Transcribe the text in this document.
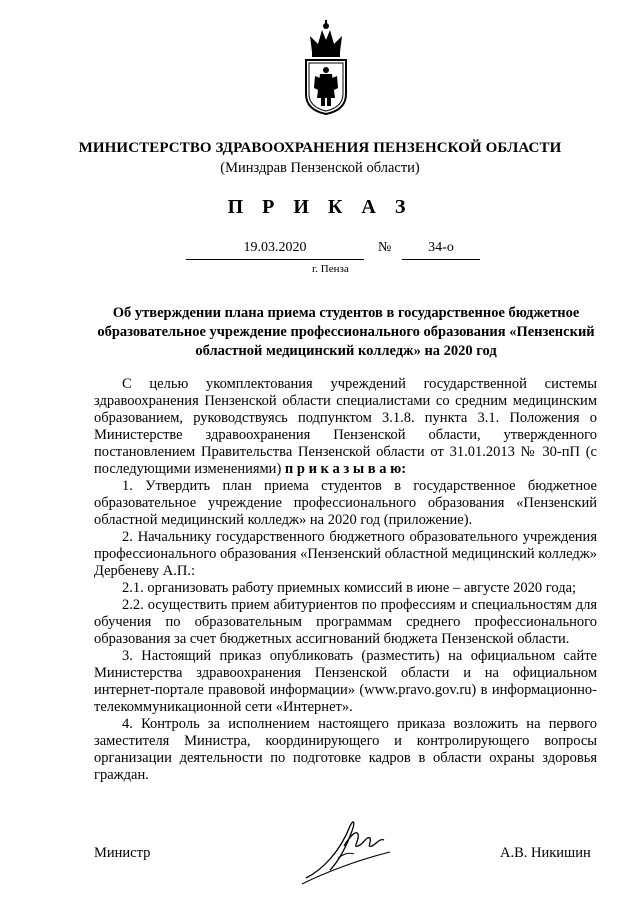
МИНИСТЕРСТВО ЗДРАВООХРАНЕНИЯ ПЕНЗЕНСКОЙ ОБЛАСТИ
(Минздрав Пензенской области)
П Р И К А З
19.03.2020	№	34-о
г. Пенза
Об утверждении плана приема студентов в государственное бюджетное образовательное учреждение профессионального образования «Пензенский областной медицинский колледж» на 2020 год

С целью укомплектования учреждений государственной системы здравоохранения Пензенской области специалистами со средним медицинским образованием, руководствуясь подпунктом 3.1.8. пункта 3.1. Положения о Министерстве здравоохранения Пензенской области, утвержденного постановлением Правительства Пензенской области от 31.01.2013 № 30-пП (с последующими изменениями) п р и к а з ы в а ю:

1. Утвердить план приема студентов в государственное бюджетное образовательное учреждение профессионального образования «Пензенский областной медицинский колледж» на 2020 год (приложение).

2. Начальнику государственного бюджетного образовательного учреждения профессионального образования «Пензенский областной медицинский колледж» Дербеневу А.П.:

2.1. организовать работу приемных комиссий в июне – августе 2020 года;

2.2. осуществить прием абитуриентов по профессиям и специальностям для обучения по образовательным программам среднего профессионального образования за счет бюджетных ассигнований бюджета Пензенской области.

3. Настоящий приказ опубликовать (разместить) на официальном сайте Министерства здравоохранения Пензенской области и на официальном интернет-портале правовой информации» (www.pravo.gov.ru) в информационно-телекоммуникационной сети «Интернет».

4. Контроль за исполнением настоящего приказа возложить на первого заместителя Министра, координирующего и контролирующего вопросы организации деятельности по подготовке кадров в области охраны здоровья граждан.

Министр	А.В. Никишин
